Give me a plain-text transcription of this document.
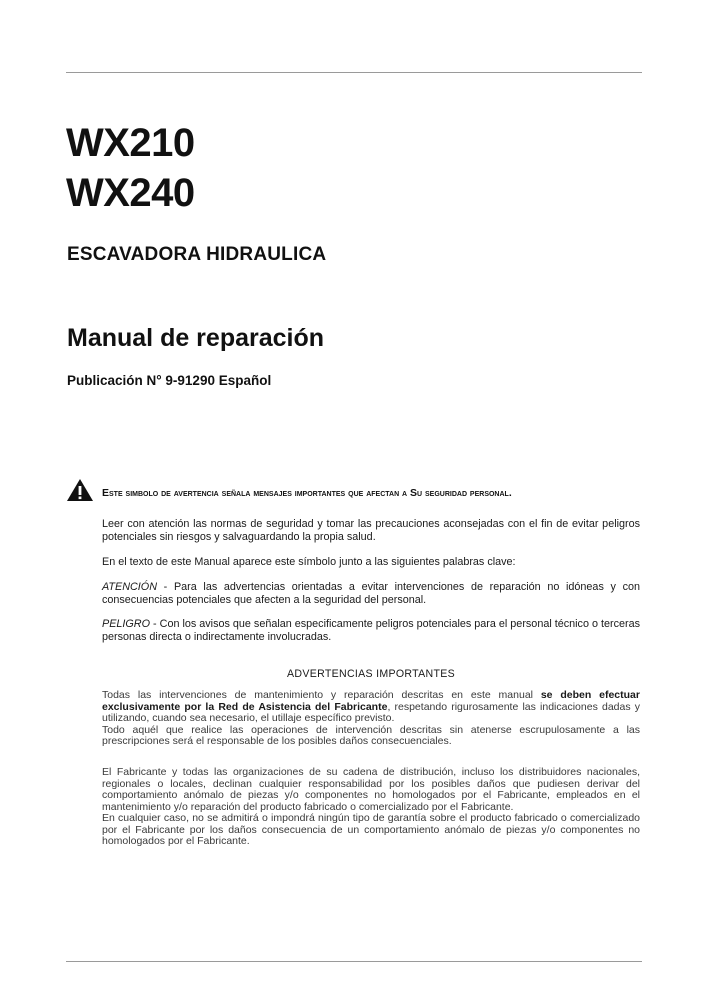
WX210
WX240
ESCAVADORA HIDRAULICA
Manual de reparación
Publicación N° 9-91290 Español
Este simbolo de avertencia señala mensajes importantes que afectan a Su seguridad personal.
Leer con atención las normas de seguridad y tomar las precauciones aconsejadas con el fin de evitar peligros potenciales sin riesgos y salvaguardando la propia salud.
En el texto de este Manual aparece este símbolo junto a las siguientes palabras clave:
ATENCIÓN - Para las advertencias orientadas a evitar intervenciones de reparación no idóneas y con consecuencias potenciales que afecten a la seguridad del personal.
PELIGRO - Con los avisos que señalan especificamente peligros potenciales para el personal técnico o terceras personas directa o indirectamente involucradas.
ADVERTENCIAS IMPORTANTES
Todas las intervenciones de mantenimiento y reparación descritas en este manual se deben efectuar exclusivamente por la Red de Asistencia del Fabricante, respetando rigurosamente las indicaciones dadas y utilizando, cuando sea necesario, el utillaje específico previsto.
Todo aquél que realice las operaciones de intervención descritas sin atenerse escrupulosamente a las prescripciones será el responsable de los posibles daños consecuenciales.
El Fabricante y todas las organizaciones de su cadena de distribución, incluso los distribuidores nacionales, regionales o locales, declinan cualquier responsabilidad por los posibles daños que pudiesen derivar del comportamiento anómalo de piezas y/o componentes no homologados por el Fabricante, empleados en el mantenimiento y/o reparación del producto fabricado o comercializado por el Fabricante.
En cualquier caso, no se admitirá o impondrá ningún tipo de garantía sobre el producto fabricado o comercializado por el Fabricante por los daños consecuencia de un comportamiento anómalo de piezas y/o componentes no homologados por el Fabricante.
